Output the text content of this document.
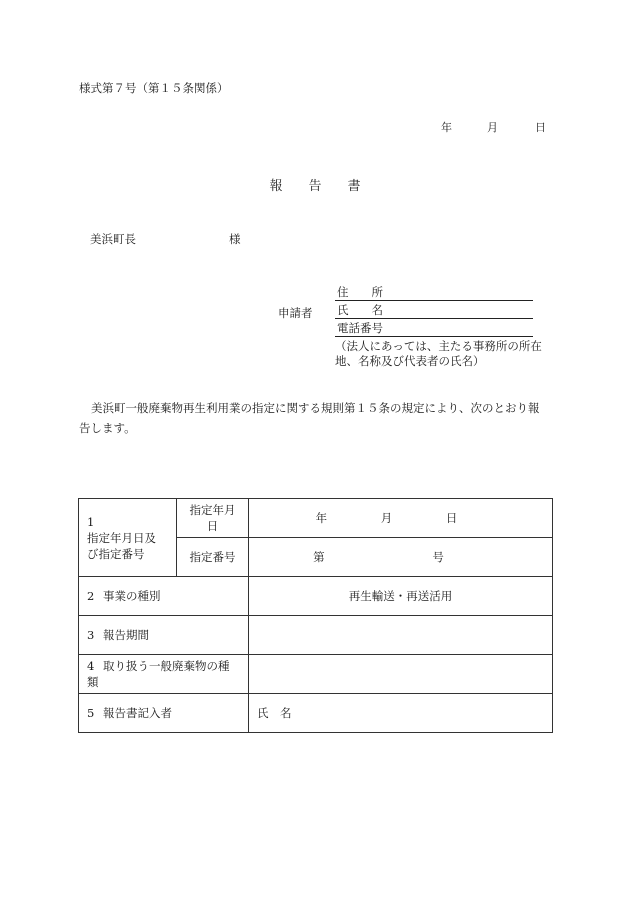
様式第７号（第１５条関係）
年	月	日
報告書
美浜町長	様
申請者
住　　所
氏　　名
電話番号
（法人にあっては、主たる事務所の所在地、名称及び代表者の氏名）
美浜町一般廃棄物再生利用業の指定に関する規則第１５条の規定により、次のとおり報告します。
1指定年月日及び指定番号	指定年月日	年 月 日
	指定番号	第 号
2 事業の種別		再生輸送・再送活用
3 報告期間		
4 取り扱う一般廃棄物の種類		
5 報告書記入者		氏　名
